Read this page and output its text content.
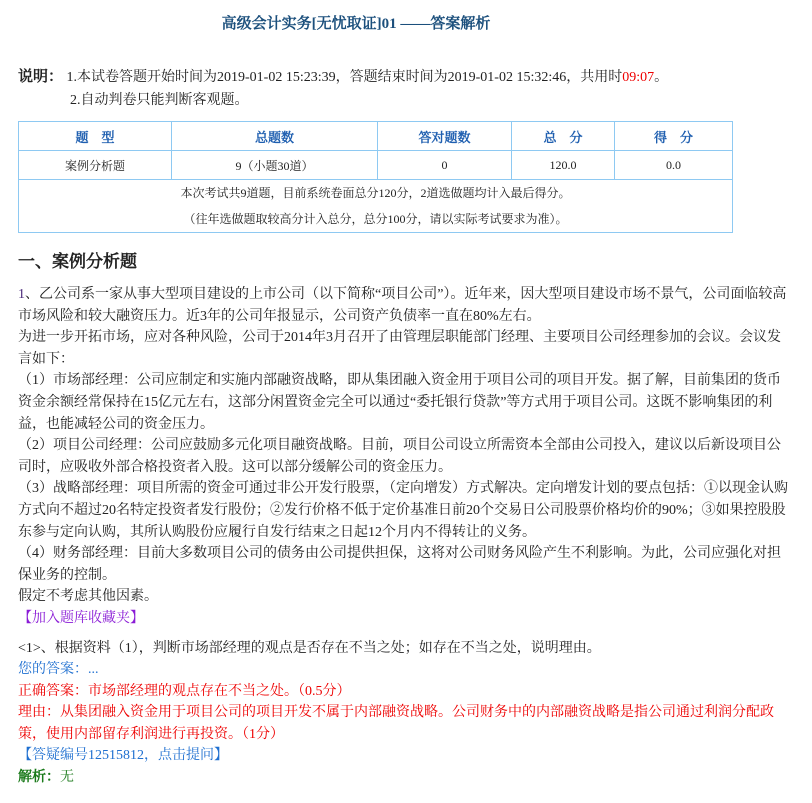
高级会计实务[无忧取证]01 ——答案解析
说明： 1.本试卷答题开始时间为2019-01-02 15:23:39，答题结束时间为2019-01-02 15:32:46，共用时09:07。
2.自动判卷只能判断客观题。
题　型	总题数	答对题数	总　分	得　分
案例分析题	9（小题30道）	0	120.0	0.0

本次考试共9道题，目前系统卷面总分120分，2道选做题均计入最后得分。
（往年选做题取较高分计入总分，总分100分，请以实际考试要求为准）。				
一、案例分析题

1、乙公司系一家从事大型项目建设的上市公司（以下简称“项目公司”）。近年来，因大型项目建设市场不景气，公司面临较高市场风险和较大融资压力。近3年的公司年报显示，公司资产负债率一直在80%左右。

为进一步开拓市场，应对各种风险，公司于2014年3月召开了由管理层职能部门经理、主要项目公司经理参加的会议。会议发言如下：

（1）市场部经理：公司应制定和实施内部融资战略，即从集团融入资金用于项目公司的项目开发。据了解，目前集团的货币资金余额经常保持在15亿元左右，这部分闲置资金完全可以通过“委托银行贷款”等方式用于项目公司。这既不影响集团的利益，也能减轻公司的资金压力。

（2）项目公司经理：公司应鼓励多元化项目融资战略。目前，项目公司设立所需资本全部由公司投入，建议以后新设项目公司时，应吸收外部合格投资者入股。这可以部分缓解公司的资金压力。

（3）战略部经理：项目所需的资金可通过非公开发行股票，（定向增发）方式解决。定向增发计划的要点包括：①以现金认购方式向不超过20名特定投资者发行股份；②发行价格不低于定价基准日前20个交易日公司股票价格均价的90%；③如果控股股东参与定向认购，其所认购股份应履行自发行结束之日起12个月内不得转让的义务。

（4）财务部经理：目前大多数项目公司的债务由公司提供担保，这将对公司财务风险产生不利影响。为此，公司应强化对担保业务的控制。

假定不考虑其他因素。

【加入题库收藏夹】

<1>、根据资料（1），判断市场部经理的观点是否存在不当之处；如存在不当之处，说明理由。

您的答案：...

正确答案：市场部经理的观点存在不当之处。（0.5分）

理由：从集团融入资金用于项目公司的项目开发不属于内部融资战略。公司财务中的内部融资战略是指公司通过利润分配政策，使用内部留存利润进行再投资。（1分）

【答疑编号12515812，点击提问】

解析：无
